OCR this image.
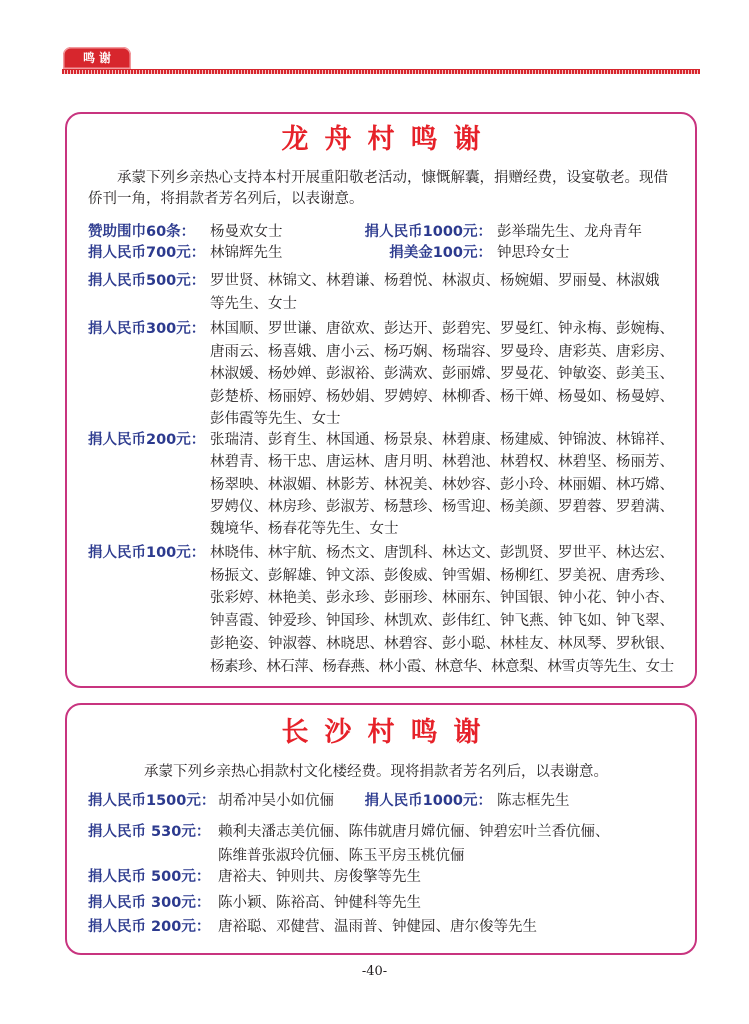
鸣谢
龙舟村鸣谢
承蒙下列乡亲热心支持本村开展重阳敬老活动，慷慨解囊，捐赠经费，设宴敬老。现借
侨刊一角，将捐款者芳名列后，以表谢意。
赞助围巾60条： 杨曼欢女士	捐人民币1000元： 彭举瑞先生、龙舟青年
捐人民币700元： 林锦辉先生	捐美金100元： 钟思玲女士
捐人民币500元： 罗世贤、林锦文、林碧谦、杨碧悦、林淑贞、杨婉媚、罗丽曼、林淑娥
等先生、女士
捐人民币300元： 林国顺、罗世谦、唐欲欢、彭达开、彭碧宪、罗曼红、钟永梅、彭婉梅、
唐雨云、杨喜娥、唐小云、杨巧娴、杨瑞容、罗曼玲、唐彩英、唐彩房、
林淑媛、杨妙婵、彭淑裕、彭满欢、彭丽嫦、罗曼花、钟敏姿、彭美玉、
彭楚桥、杨丽婷、杨妙娟、罗娉婷、林柳香、杨干婵、杨曼如、杨曼婷、
彭伟霞等先生、女士
捐人民币200元： 张瑞清、彭育生、林国通、杨景泉、林碧康、杨建威、钟锦波、林锦祥、
林碧青、杨干忠、唐运林、唐月明、林碧池、林碧权、林碧坚、杨丽芳、
杨翠映、林淑媚、林影芳、林祝美、林妙容、彭小玲、林丽媚、林巧嫦、
罗娉仪、林房珍、彭淑芳、杨慧珍、杨雪迎、杨美颜、罗碧蓉、罗碧满、
魏境华、杨春花等先生、女士
捐人民币100元： 林晓伟、林宇航、杨杰文、唐凯科、林达文、彭凯贤、罗世平、林达宏、
杨振文、彭解雄、钟文添、彭俊威、钟雪媚、杨柳红、罗美祝、唐秀珍、
张彩婷、林艳美、彭永珍、彭丽珍、林丽东、钟国银、钟小花、钟小杏、
钟喜霞、钟爱珍、钟国珍、林凯欢、彭伟红、钟飞燕、钟飞如、钟飞翠、
彭艳姿、钟淑蓉、林晓思、林碧容、彭小聪、林桂友、林凤琴、罗秋银、
杨素珍、林石萍、杨春燕、林小霞、林意华、林意梨、林雪贞等先生、女士
长沙村鸣谢
承蒙下列乡亲热心捐款村文化楼经费。现将捐款者芳名列后，以表谢意。
捐人民币1500元： 胡希冲吴小如伉俪 捐人民币1000元： 陈志框先生
捐人民币 530元： 赖利夫潘志美伉俪、陈伟就唐月嫦伉俪、钟碧宏叶兰香伉俪、
陈维普张淑玲伉俪、陈玉平房玉桃伉俪
捐人民币 500元： 唐裕夫、钟则共、房俊擎等先生
捐人民币 300元： 陈小颖、陈裕高、钟健科等先生
捐人民币 200元： 唐裕聪、邓健营、温雨普、钟健园、唐尔俊等先生
-40-
